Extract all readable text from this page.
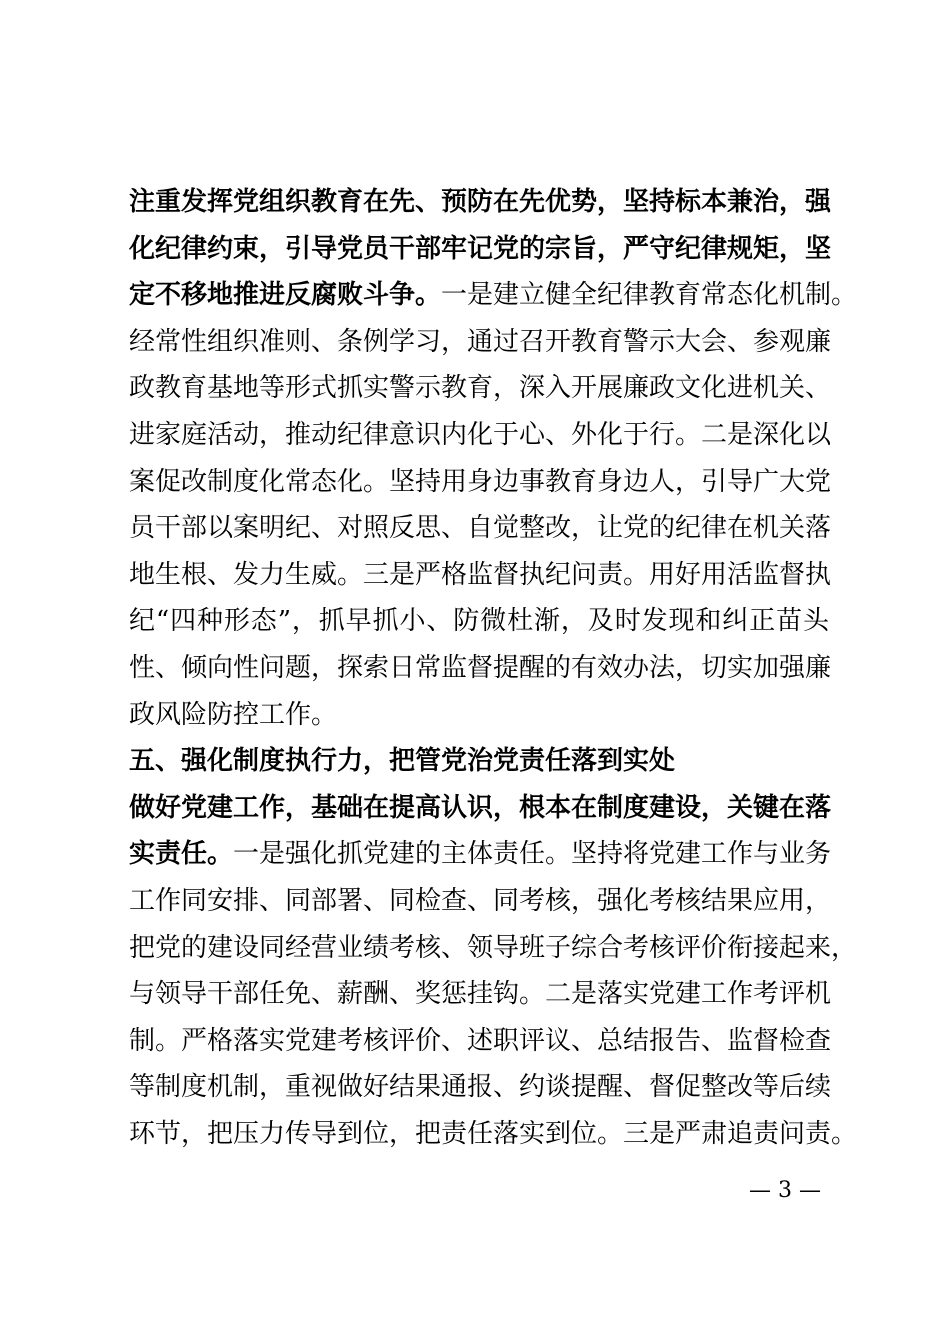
注重发挥党组织教育在先、预防在先优势，坚持标本兼治，强
化纪律约束，引导党员干部牢记党的宗旨，严守纪律规矩，坚
定不移地推进反腐败斗争。一是建立健全纪律教育常态化机制。
经常性组织准则、条例学习，通过召开教育警示大会、参观廉
政教育基地等形式抓实警示教育，深入开展廉政文化进机关、
进家庭活动，推动纪律意识内化于心、外化于行。二是深化以
案促改制度化常态化。坚持用身边事教育身边人，引导广大党
员干部以案明纪、对照反思、自觉整改，让党的纪律在机关落
地生根、发力生威。三是严格监督执纪问责。用好用活监督执
纪“四种形态”，抓早抓小、防微杜渐，及时发现和纠正苗头
性、倾向性问题，探索日常监督提醒的有效办法，切实加强廉
政风险防控工作。
五、强化制度执行力，把管党治党责任落到实处
做好党建工作，基础在提高认识，根本在制度建设，关键在落
实责任。一是强化抓党建的主体责任。坚持将党建工作与业务
工作同安排、同部署、同检查、同考核，强化考核结果应用，
把党的建设同经营业绩考核、领导班子综合考核评价衔接起来，
与领导干部任免、薪酬、奖惩挂钩。二是落实党建工作考评机
制。严格落实党建考核评价、述职评议、总结报告、监督检查
等制度机制，重视做好结果通报、约谈提醒、督促整改等后续
环节，把压力传导到位，把责任落实到位。三是严肃追责问责。
— 3 —
